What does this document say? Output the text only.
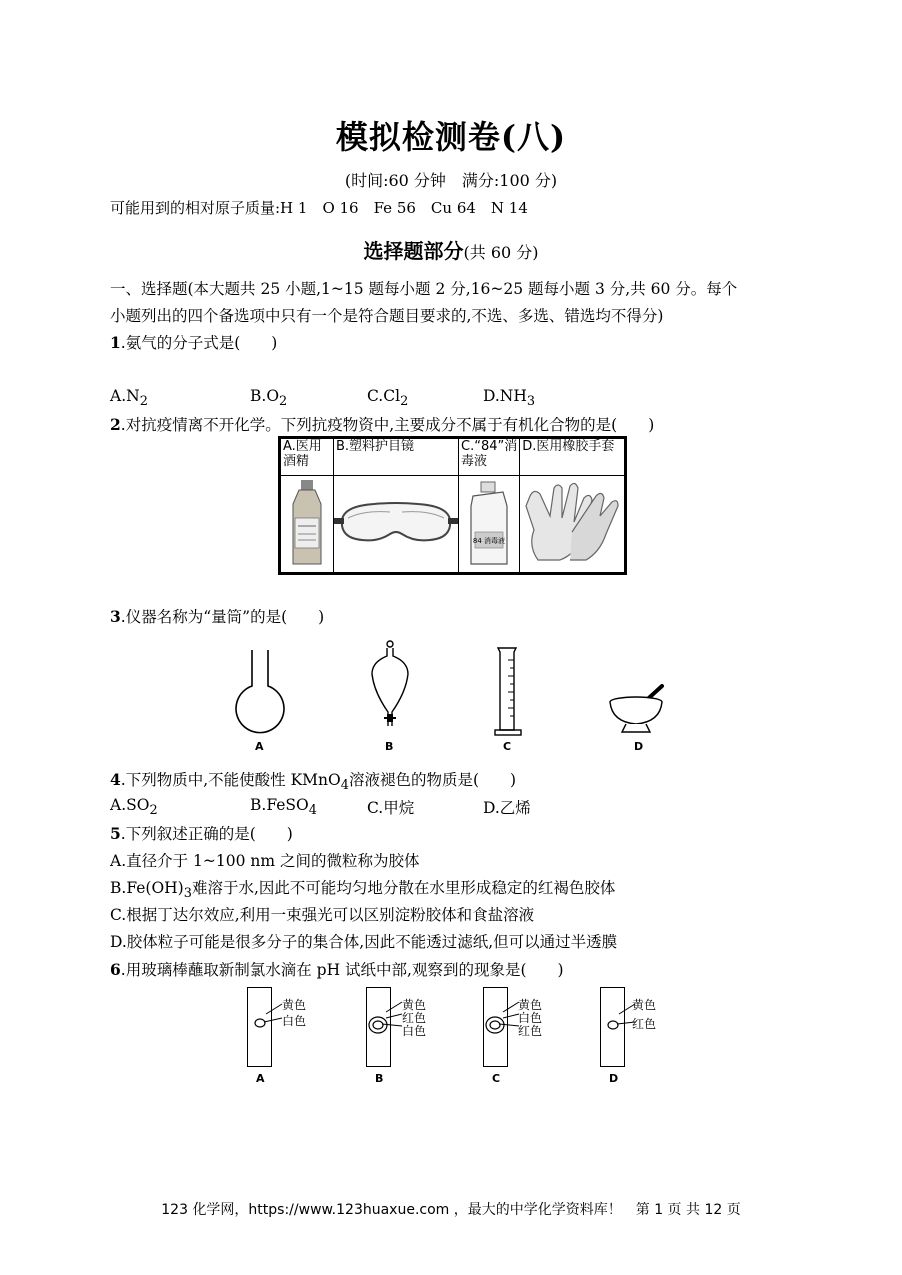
模拟检测卷(八)
(时间:60 分钟　满分:100 分)
可能用到的相对原子质量:H 1　O 16　Fe 56　Cu 64　N 14
选择题部分(共 60 分)
一、选择题(本大题共 25 小题,1~15 题每小题 2 分,16~25 题每小题 3 分,共 60 分。每个
小题列出的四个备选项中只有一个是符合题目要求的,不选、多选、错选均不得分)
1.氨气的分子式是(　　)
$A.N_2$	$B.O_2$	$C.Cl_2$	$D.NH_3$
2.对抗疫情离不开化学。下列抗疫物资中,主要成分不属于有机化合物的是(　　)
A.医用酒精	B.塑料护目镜	C.“84”消毒液	D.医用橡胶手套

84 消毒液

3.仪器名称为“量筒”的是(　　)
A	B	C	D
4.下列物质中,不能使酸性 KMnO$_4$溶液褪色的物质是(　　)
$A.SO_2$	B.FeSO$_4$	C.甲烷	D.乙烯
5.下列叙述正确的是(　　)
A.直径介于 1~100 nm 之间的微粒称为胶体
$B.Fe(OH)_3$难溶于水,因此不可能均匀地分散在水里形成稳定的红褐色胶体
C.根据丁达尔效应,利用一束强光可以区别淀粉胶体和食盐溶液
D.胶体粒子可能是很多分子的集合体,因此不能透过滤纸,但可以通过半透膜
6.用玻璃棒蘸取新制氯水滴在 pH 试纸中部,观察到的现象是(　　)
黄色
白色
A
黄色
红色
白色
B
黄色
白色
红色
C
黄色
红色
D
123 化学网，https://www.123huaxue.com ，最大的中学化学资料库！　第 1 页 共 12 页
